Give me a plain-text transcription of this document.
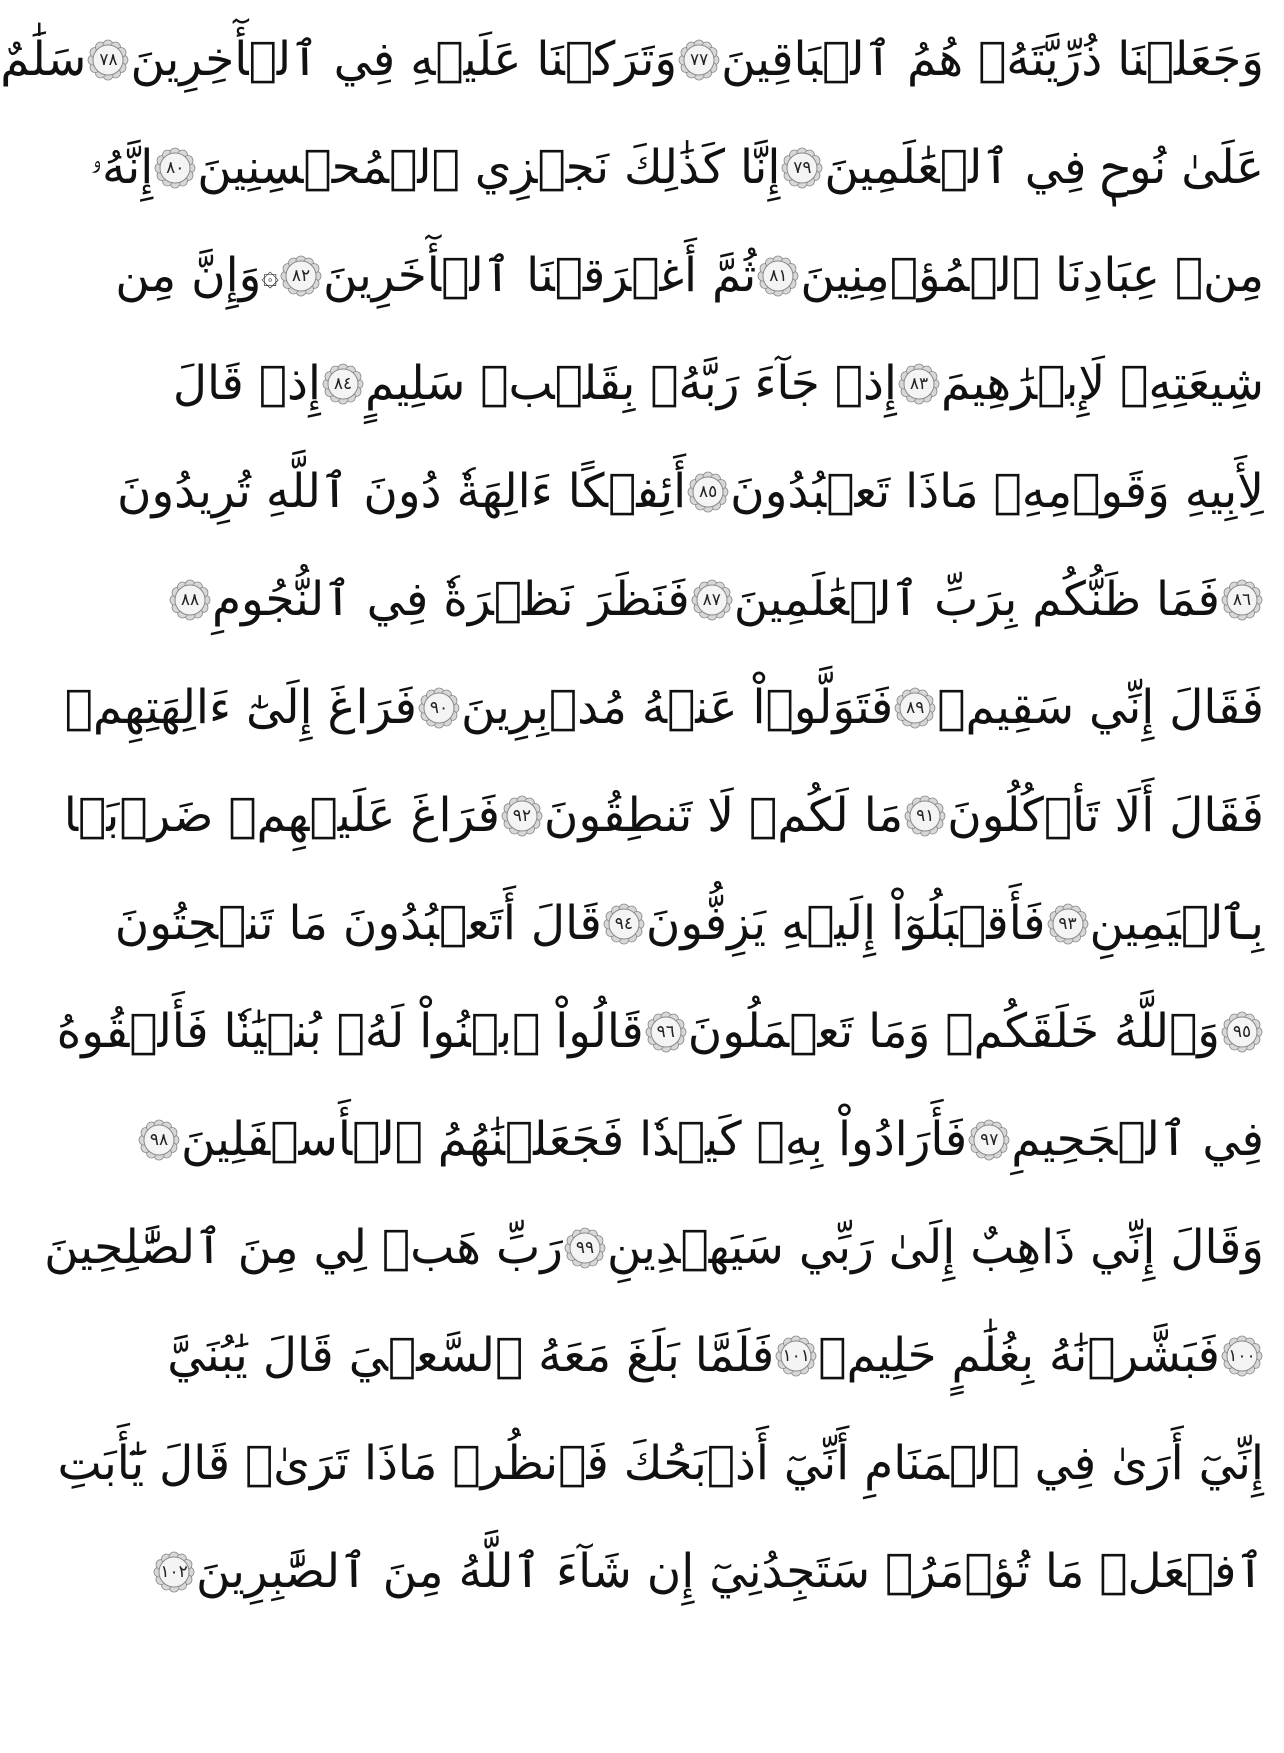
وَجَعَلۡنَا ذُرِّيَّتَهُۥ هُمُ ٱلۡبَاقِينَ
٧٧
وَتَرَكۡنَا عَلَيۡهِ فِي ٱلۡأٓخِرِينَ
٧٨
سَلَٰمٌ
عَلَىٰ نُوحٖ فِي ٱلۡعَٰلَمِينَ
٧٩
إِنَّا كَذَٰلِكَ نَجۡزِي ٱلۡمُحۡسِنِينَ
٨٠
إِنَّهُۥ
مِنۡ عِبَادِنَا ٱلۡمُؤۡمِنِينَ
٨١
ثُمَّ أَغۡرَقۡنَا ٱلۡأٓخَرِينَ
٨٢
۞
وَإِنَّ مِن
شِيعَتِهِۦ لَإِبۡرَٰهِيمَ
٨٣
إِذۡ جَآءَ رَبَّهُۥ بِقَلۡبٖ سَلِيمٍ
٨٤
إِذۡ قَالَ
لِأَبِيهِ وَقَوۡمِهِۦ مَاذَا تَعۡبُدُونَ
٨٥
أَئِفۡكًا ءَالِهَةٗ دُونَ ٱللَّهِ تُرِيدُونَ
٨٦
فَمَا ظَنُّكُم بِرَبِّ ٱلۡعَٰلَمِينَ
٨٧
فَنَظَرَ نَظۡرَةٗ فِي ٱلنُّجُومِ
٨٨
فَقَالَ إِنِّي سَقِيمٞ
٨٩
فَتَوَلَّوۡاْ عَنۡهُ مُدۡبِرِينَ
٩٠
فَرَاغَ إِلَىٰٓ ءَالِهَتِهِمۡ
فَقَالَ أَلَا تَأۡكُلُونَ
٩١
مَا لَكُمۡ لَا تَنطِقُونَ
٩٢
فَرَاغَ عَلَيۡهِمۡ ضَرۡبَۢا
بِٱلۡيَمِينِ
٩٣
فَأَقۡبَلُوٓاْ إِلَيۡهِ يَزِفُّونَ
٩٤
قَالَ أَتَعۡبُدُونَ مَا تَنۡحِتُونَ
٩٥
وَٱللَّهُ خَلَقَكُمۡ وَمَا تَعۡمَلُونَ
٩٦
قَالُواْ ٱبۡنُواْ لَهُۥ بُنۡيَٰنٗا فَأَلۡقُوهُ
فِي ٱلۡجَحِيمِ
٩٧
فَأَرَادُواْ بِهِۦ كَيۡدٗا فَجَعَلۡنَٰهُمُ ٱلۡأَسۡفَلِينَ
٩٨
وَقَالَ إِنِّي ذَاهِبٌ إِلَىٰ رَبِّي سَيَهۡدِينِ
٩٩
رَبِّ هَبۡ لِي مِنَ ٱلصَّٰلِحِينَ
١٠٠
فَبَشَّرۡنَٰهُ بِغُلَٰمٍ حَلِيمٖ
١٠١
فَلَمَّا بَلَغَ مَعَهُ ٱلسَّعۡيَ قَالَ يَٰبُنَيَّ
إِنِّيٓ أَرَىٰ فِي ٱلۡمَنَامِ أَنِّيٓ أَذۡبَحُكَ فَٱنظُرۡ مَاذَا تَرَىٰۚ قَالَ يَٰٓأَبَتِ
ٱفۡعَلۡ مَا تُؤۡمَرُۖ سَتَجِدُنِيٓ إِن شَآءَ ٱللَّهُ مِنَ ٱلصَّٰبِرِينَ
١٠٢
